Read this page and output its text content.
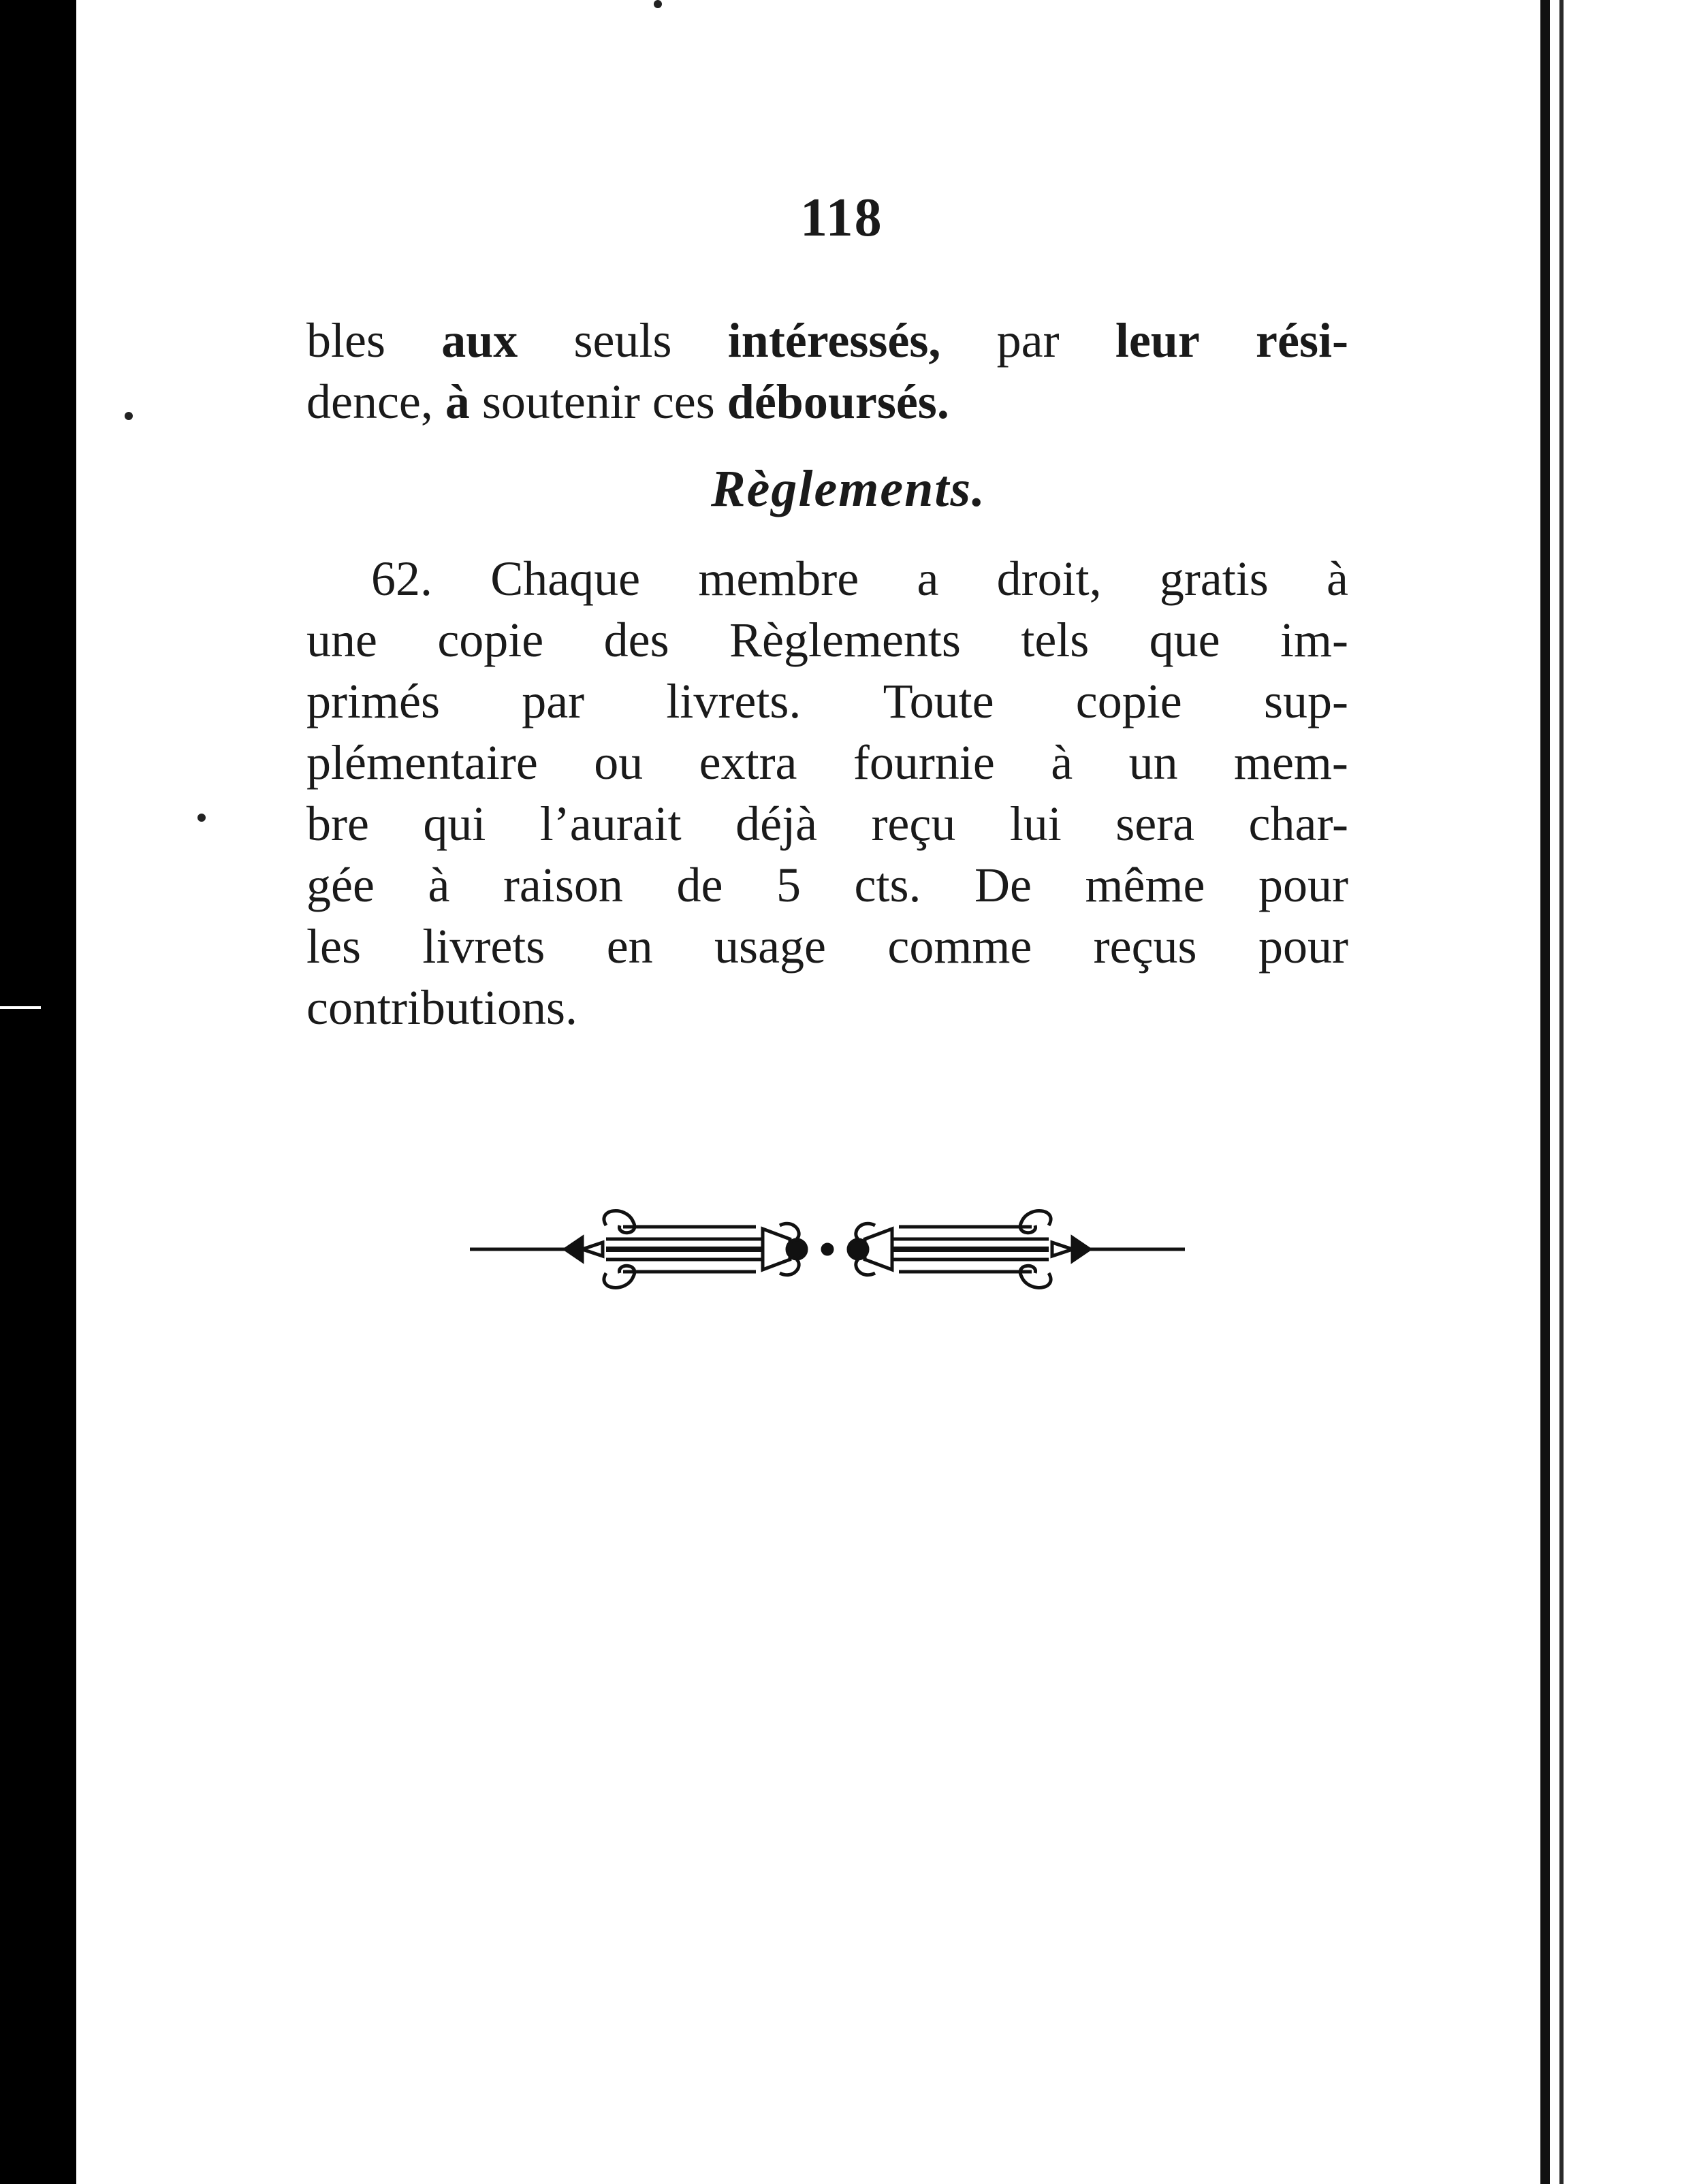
118
bles aux seuls intéressés, par leur rési-
dence,
à
soutenir
ces
déboursés.
Règlements.
62. Chaque membre a droit, gratis à
une copie des Règlements tels que im-
primés par livrets. Toute copie sup-
plémentaire ou extra fournie à un mem-
bre qui l’aurait déjà reçu lui sera char-
gée à raison de 5 cts. De même pour
les livrets en usage comme reçus pour
contributions.
